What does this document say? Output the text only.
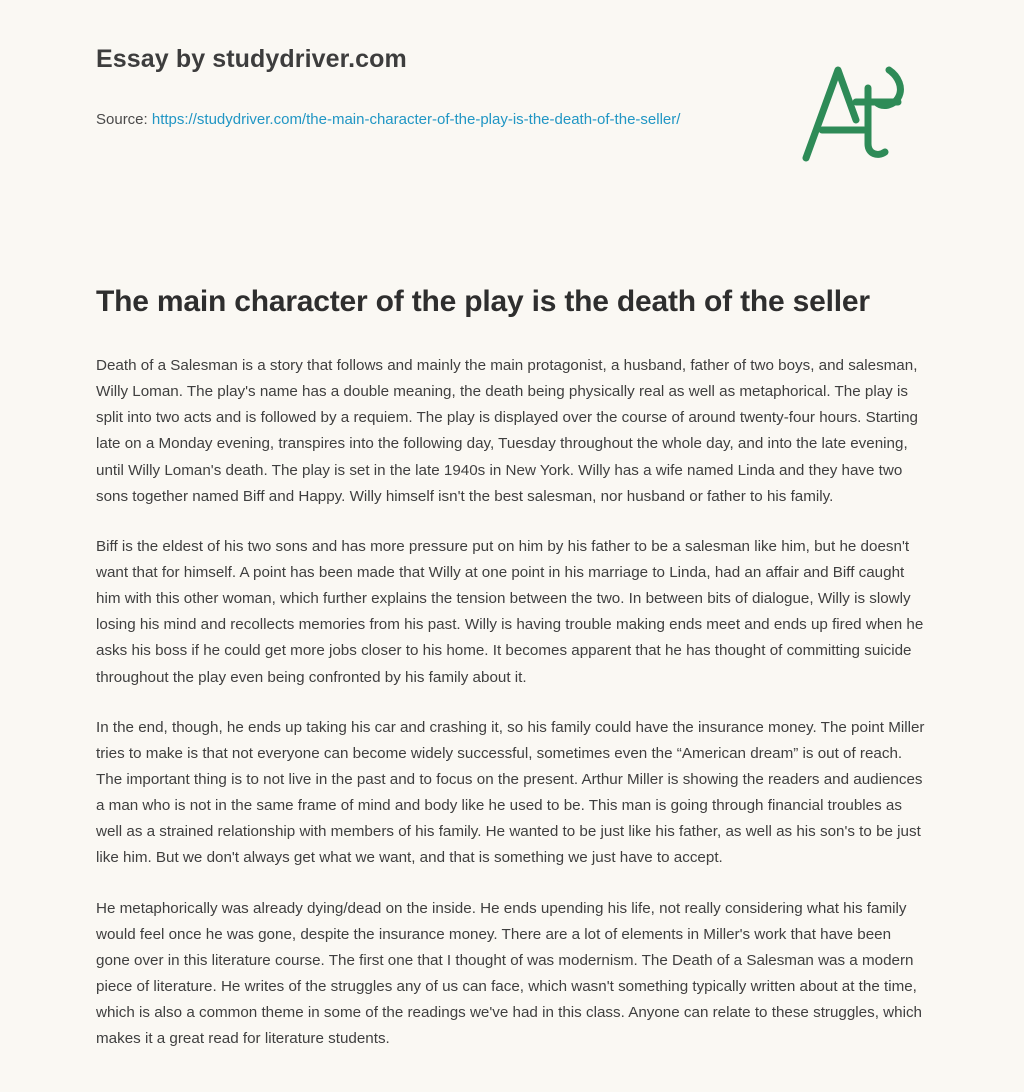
Essay by studydriver.com
Source: https://studydriver.com/the-main-character-of-the-play-is-the-death-of-the-seller/
The main character of the play is the death of the seller

Death of a Salesman is a story that follows and mainly the main protagonist, a husband, father of two boys, and salesman, Willy Loman. The play's name has a double meaning, the death being physically real as well as metaphorical. The play is split into two acts and is followed by a requiem. The play is displayed over the course of around twenty-four hours. Starting late on a Monday evening, transpires into the following day, Tuesday throughout the whole day, and into the late evening, until Willy Loman's death. The play is set in the late 1940s in New York. Willy has a wife named Linda and they have two sons together named Biff and Happy. Willy himself isn't the best salesman, nor husband or father to his family.

Biff is the eldest of his two sons and has more pressure put on him by his father to be a salesman like him, but he doesn't want that for himself. A point has been made that Willy at one point in his marriage to Linda, had an affair and Biff caught him with this other woman, which further explains the tension between the two. In between bits of dialogue, Willy is slowly losing his mind and recollects memories from his past. Willy is having trouble making ends meet and ends up fired when he asks his boss if he could get more jobs closer to his home. It becomes apparent that he has thought of committing suicide throughout the play even being confronted by his family about it.

In the end, though, he ends up taking his car and crashing it, so his family could have the insurance money. The point Miller tries to make is that not everyone can become widely successful, sometimes even the “American dream” is out of reach. The important thing is to not live in the past and to focus on the present. Arthur Miller is showing the readers and audiences a man who is not in the same frame of mind and body like he used to be. This man is going through financial troubles as well as a strained relationship with members of his family. He wanted to be just like his father, as well as his son's to be just like him. But we don't always get what we want, and that is something we just have to accept.

He metaphorically was already dying/dead on the inside. He ends upending his life, not really considering what his family would feel once he was gone, despite the insurance money. There are a lot of elements in Miller's work that have been gone over in this literature course. The first one that I thought of was modernism. The Death of a Salesman was a modern piece of literature. He writes of the struggles any of us can face, which wasn't something typically written about at the time, which is also a common theme in some of the readings we've had in this class. Anyone can relate to these struggles, which makes it a great read for literature students.
